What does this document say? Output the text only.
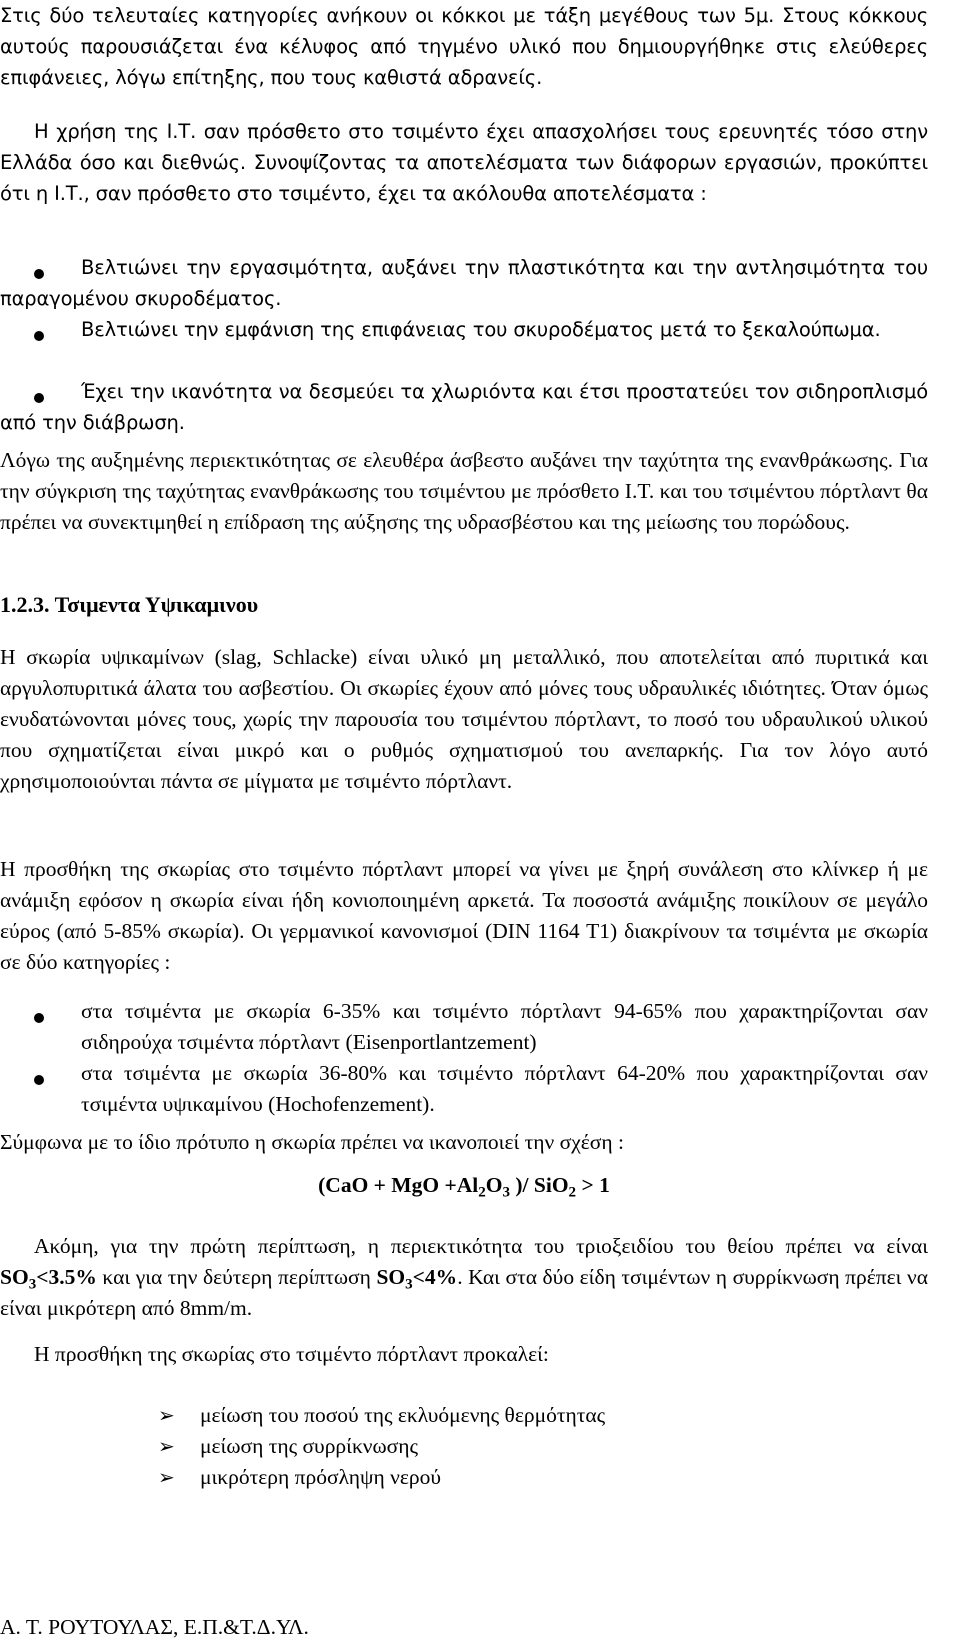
Στις δύο τελευταίες κατηγορίες ανήκουν οι κόκκοι με τάξη μεγέθους των 5μ. Στους κόκκους αυτούς παρουσιάζεται ένα κέλυφος από τηγμένο υλικό που δημιουργήθηκε στις ελεύθερες επιφάνειες, λόγω επίτηξης, που τους καθιστά αδρανείς.
Η χρήση της Ι.Τ. σαν πρόσθετο στο τσιμέντο έχει απασχολήσει τους ερευνητές τόσο στην Ελλάδα όσο και διεθνώς. Συνοψίζοντας τα αποτελέσματα των διάφορων εργασιών, προκύπτει ότι η Ι.Τ., σαν πρόσθετο στο τσιμέντο, έχει τα ακόλουθα αποτελέσματα :
Βελτιώνει την εργασιμότητα, αυξάνει την πλαστικότητα και την αντλησιμότητα του παραγομένου σκυροδέματος.
Βελτιώνει την εμφάνιση της επιφάνειας του σκυροδέματος μετά το ξεκαλούπωμα.
Έχει την ικανότητα να δεσμεύει τα χλωριόντα και έτσι προστατεύει τον σιδηροπλισμό από την διάβρωση.
Λόγω της αυξημένης περιεκτικότητας σε ελευθέρα άσβεστο αυξάνει την ταχύτητα της ενανθράκωσης. Για την σύγκριση της ταχύτητας ενανθράκωσης του τσιμέντου με πρόσθετο Ι.Τ. και του τσιμέντου πόρτλαντ θα πρέπει να συνεκτιμηθεί η επίδραση της αύξησης της υδρασβέστου και της μείωσης του πορώδους.
1.2.3. Τσιμεντα Υψικαμινου
Η σκωρία υψικαμίνων (slag, Schlacke) είναι υλικό μη μεταλλικό, που αποτελείται από πυριτικά και αργυλοπυριτικά άλατα του ασβεστίου. Οι σκωρίες έχουν από μόνες τους υδραυλικές ιδιότητες. Όταν όμως ενυδατώνονται μόνες τους, χωρίς την παρουσία του τσιμέντου πόρτλαντ, το ποσό του υδραυλικού υλικού που σχηματίζεται είναι μικρό και ο ρυθμός σχηματισμού του ανεπαρκής. Για τον λόγο αυτό χρησιμοποιούνται πάντα σε μίγματα με τσιμέντο πόρτλαντ.
Η προσθήκη της σκωρίας στο τσιμέντο πόρτλαντ μπορεί να γίνει με ξηρή συνάλεση στο κλίνκερ ή με ανάμιξη εφόσον η σκωρία είναι ήδη κονιοποιημένη αρκετά. Τα ποσοστά ανάμιξης ποικίλουν σε μεγάλο εύρος (από 5-85% σκωρία). Οι γερμανικοί κανονισμοί (DIN 1164 T1) διακρίνουν τα τσιμέντα με σκωρία σε δύο κατηγορίες :
στα τσιμέντα με σκωρία 6-35% και τσιμέντο πόρτλαντ 94-65% που χαρακτηρίζονται σαν σιδηρούχα τσιμέντα πόρτλαντ (Eisenportlantzement)
στα τσιμέντα με σκωρία 36-80% και τσιμέντο πόρτλαντ 64-20% που χαρακτηρίζονται σαν τσιμέντα υψικαμίνου (Hochofenzement).
Σύμφωνα με το ίδιο πρότυπο η σκωρία πρέπει να ικανοποιεί την σχέση :
(CaO + MgO $+Al_2O_3$ )/ SiO$_2$ > 1
Ακόμη, για την πρώτη περίπτωση, η περιεκτικότητα του τριοξειδίου του θείου πρέπει να είναι $SO_3<3.5\%$ και για την δεύτερη περίπτωση $SO_3<4\%$. Και στα δύο είδη τσιμέντων η συρρίκνωση πρέπει να είναι μικρότερη από 8mm/m.
Η προσθήκη της σκωρίας στο τσιμέντο πόρτλαντ προκαλεί:
➢ μείωση του ποσού της εκλυόμενης θερμότητας
➢ μείωση της συρρίκνωσης
➢ μικρότερη πρόσληψη νερού
Α. Τ. ΡΟΥΤΟΥΛΑΣ, Ε.Π.&Τ.Δ.ΥΛ.
